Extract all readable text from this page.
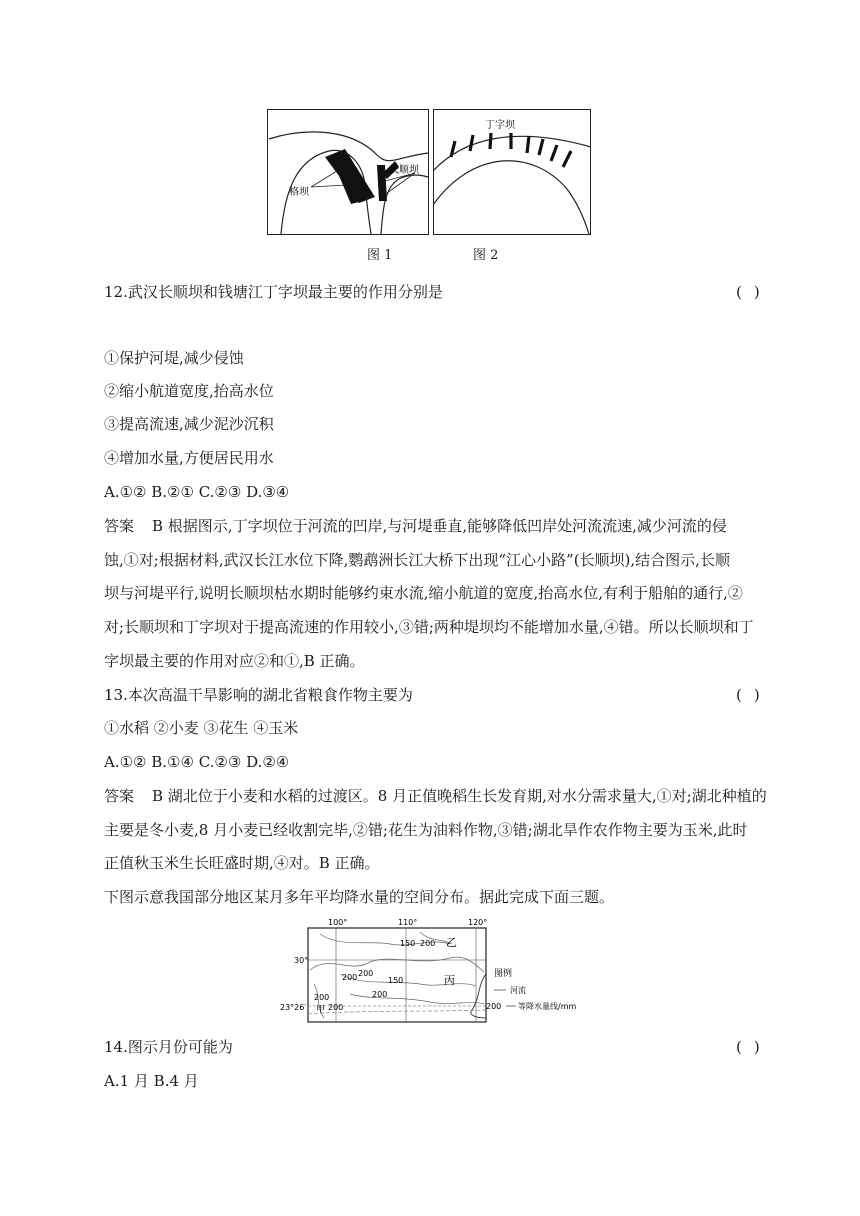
格坝
长顺坝
丁字坝
图 1	图 2
12.武汉长顺坝和钱塘江丁字坝最主要的作用分别是	()
①保护河堤,减少侵蚀
②缩小航道宽度,抬高水位
③提高流速,减少泥沙沉积
④增加水量,方便居民用水
A.①② B.②① C.②③ D.③④
答案 B 根据图示,丁字坝位于河流的凹岸,与河堤垂直,能够降低凹岸处河流流速,减少河流的侵
蚀,①对;根据材料,武汉长江水位下降,鹦鹉洲长江大桥下出现“江心小路”(长顺坝),结合图示,长顺
坝与河堤平行,说明长顺坝枯水期时能够约束水流,缩小航道的宽度,抬高水位,有利于船舶的通行,②
对;长顺坝和丁字坝对于提高流速的作用较小,③错;两种堤坝均不能增加水量,④错。所以长顺坝和丁
字坝最主要的作用对应②和①,B 正确。
13.本次高温干旱影响的湖北省粮食作物主要为	()
①水稻 ②小麦 ③花生 ④玉米
A.①② B.①④ C.②③ D.②④
答案 B 湖北位于小麦和水稻的过渡区。8 月正值晚稻生长发育期,对水分需求量大,①对;湖北种植的
主要是冬小麦,8 月小麦已经收割完毕,②错;花生为油料作物,③错;湖北旱作农作物主要为玉米,此时
正值秋玉米生长旺盛时期,④对。B 正确。
下图示意我国部分地区某月多年平均降水量的空间分布。据此完成下面三题。
100°	110°	120°
30°
23°26′
200
150 200
200	150
200
200
200
乙
丙
甲
图例
河流
200 等降水量线/mm
14.图示月份可能为	()
A.1 月 B.4 月
